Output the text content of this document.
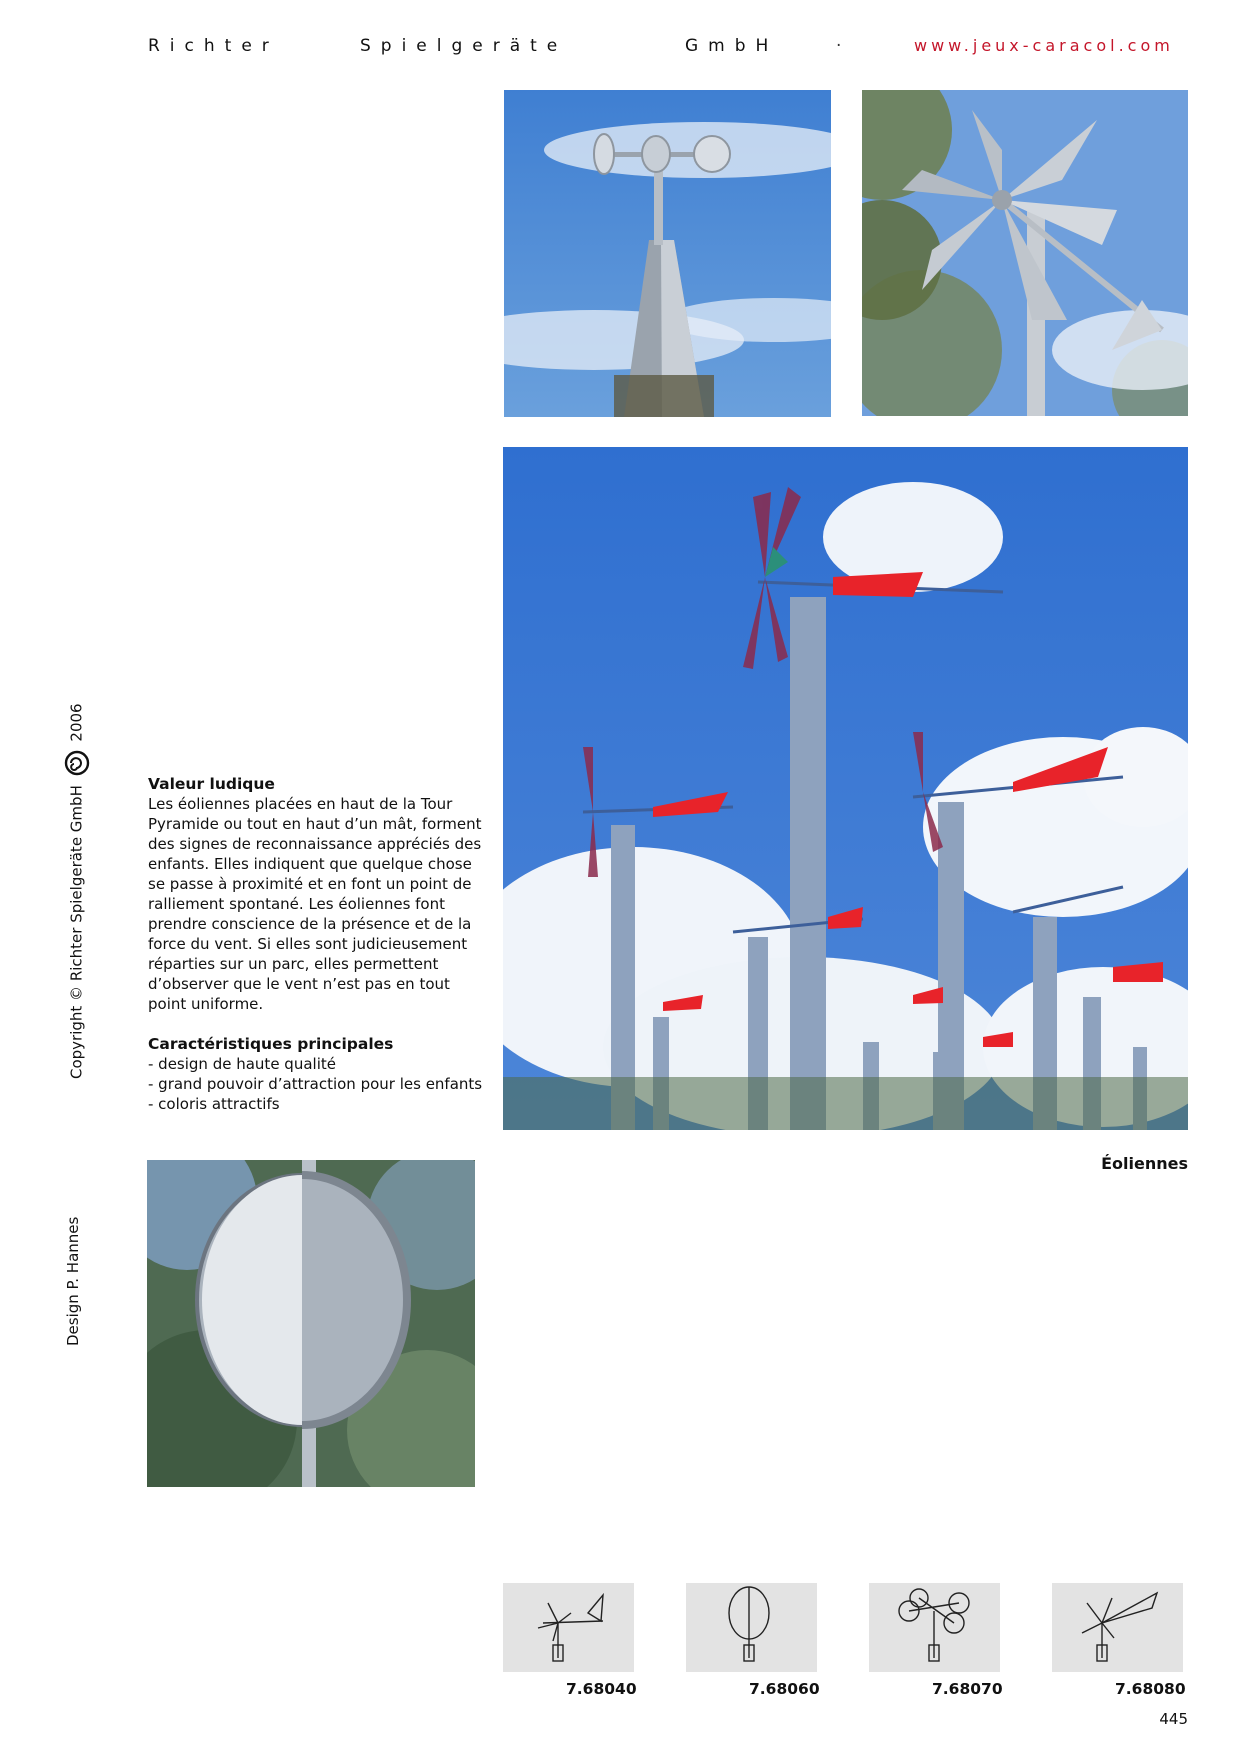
Richter	Spielgeräte	GmbH	·	www.jeux-caracol.com
Copyright © Richter Spielgeräte GmbH  2006
Design P. Hannes
Valeur ludique

Les éoliennes placées en haut de la Tour Pyramide ou tout en haut d’un mât, forment des signes de reconnaissance appréciés des enfants. Elles indiquent que quelque chose se passe à proximité et en font un point de ralliement spontané. Les éoliennes font prendre conscience de la présence et de la force du vent. Si elles sont judicieusement réparties sur un parc, elles permettent d’observer que le vent n’est pas en tout point uniforme.

Caractéristiques principales
- design de haute qualité
- grand pouvoir d’attraction pour les enfants
- coloris attractifs
Éoliennes
7.68040	7.68060	7.68070	7.68080
445
